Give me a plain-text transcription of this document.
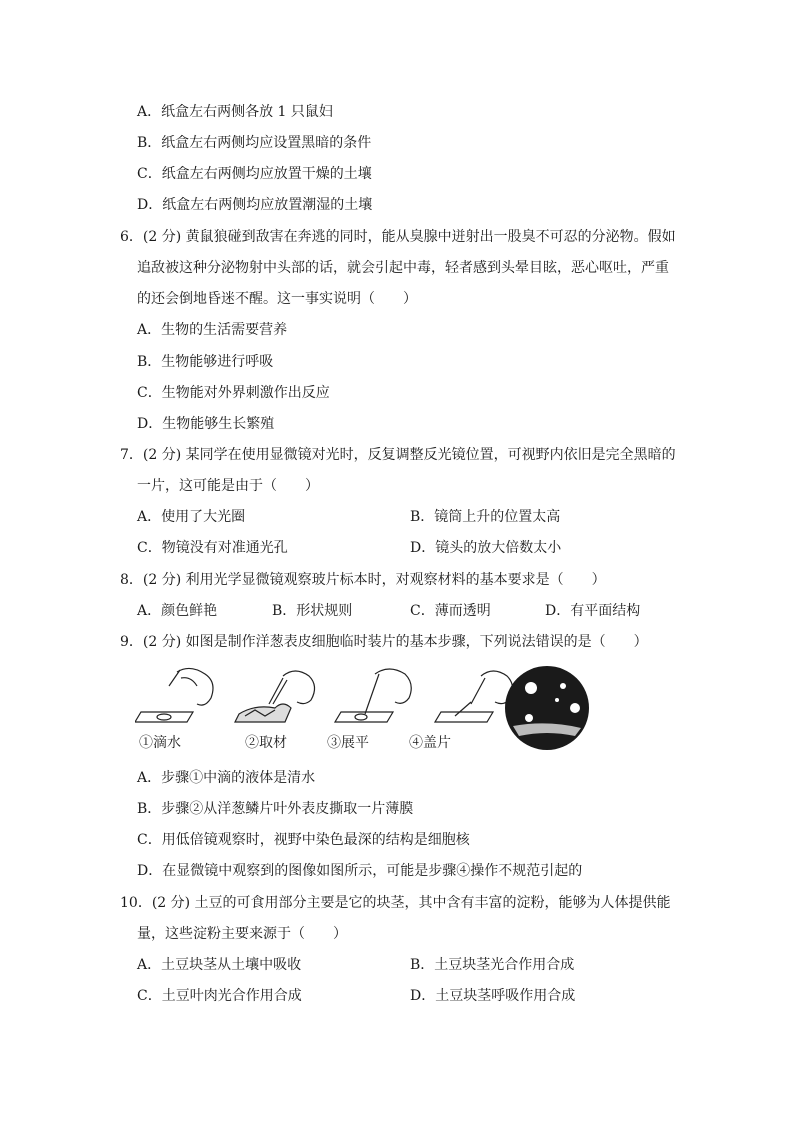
A．纸盒左右两侧各放 1 只鼠妇
B．纸盒左右两侧均应设置黑暗的条件
C．纸盒左右两侧均应放置干燥的土壤
D．纸盒左右两侧均应放置潮湿的土壤
6．(2 分) 黄鼠狼碰到敌害在奔逃的同时，能从臭腺中迸射出一股臭不可忍的分泌物。假如
追敌被这种分泌物射中头部的话，就会引起中毒，轻者感到头晕目眩，恶心呕吐，严重
的还会倒地昏迷不醒。这一事实说明（　　）
A．生物的生活需要营养
B．生物能够进行呼吸
C．生物能对外界刺激作出反应
D．生物能够生长繁殖
7．(2 分) 某同学在使用显微镜对光时，反复调整反光镜位置，可视野内依旧是完全黑暗的
一片，这可能是由于（　　）
A．使用了大光圈	B．镜筒上升的位置太高
C．物镜没有对准通光孔	D．镜头的放大倍数太小
8．(2 分) 利用光学显微镜观察玻片标本时，对观察材料的基本要求是（　　）
A．颜色鲜艳	B．形状规则	C．薄而透明	D．有平面结构
9．(2 分) 如图是制作洋葱表皮细胞临时装片的基本步骤，下列说法错误的是（　　）
①滴水	②取材	③展平	④盖片
A．步骤①中滴的液体是清水
B．步骤②从洋葱鳞片叶外表皮撕取一片薄膜
C．用低倍镜观察时，视野中染色最深的结构是细胞核
D．在显微镜中观察到的图像如图所示，可能是步骤④操作不规范引起的
10．(2 分) 土豆的可食用部分主要是它的块茎，其中含有丰富的淀粉，能够为人体提供能
量，这些淀粉主要来源于（　　）
A．土豆块茎从土壤中吸收	B．土豆块茎光合作用合成
C．土豆叶肉光合作用合成	D．土豆块茎呼吸作用合成
